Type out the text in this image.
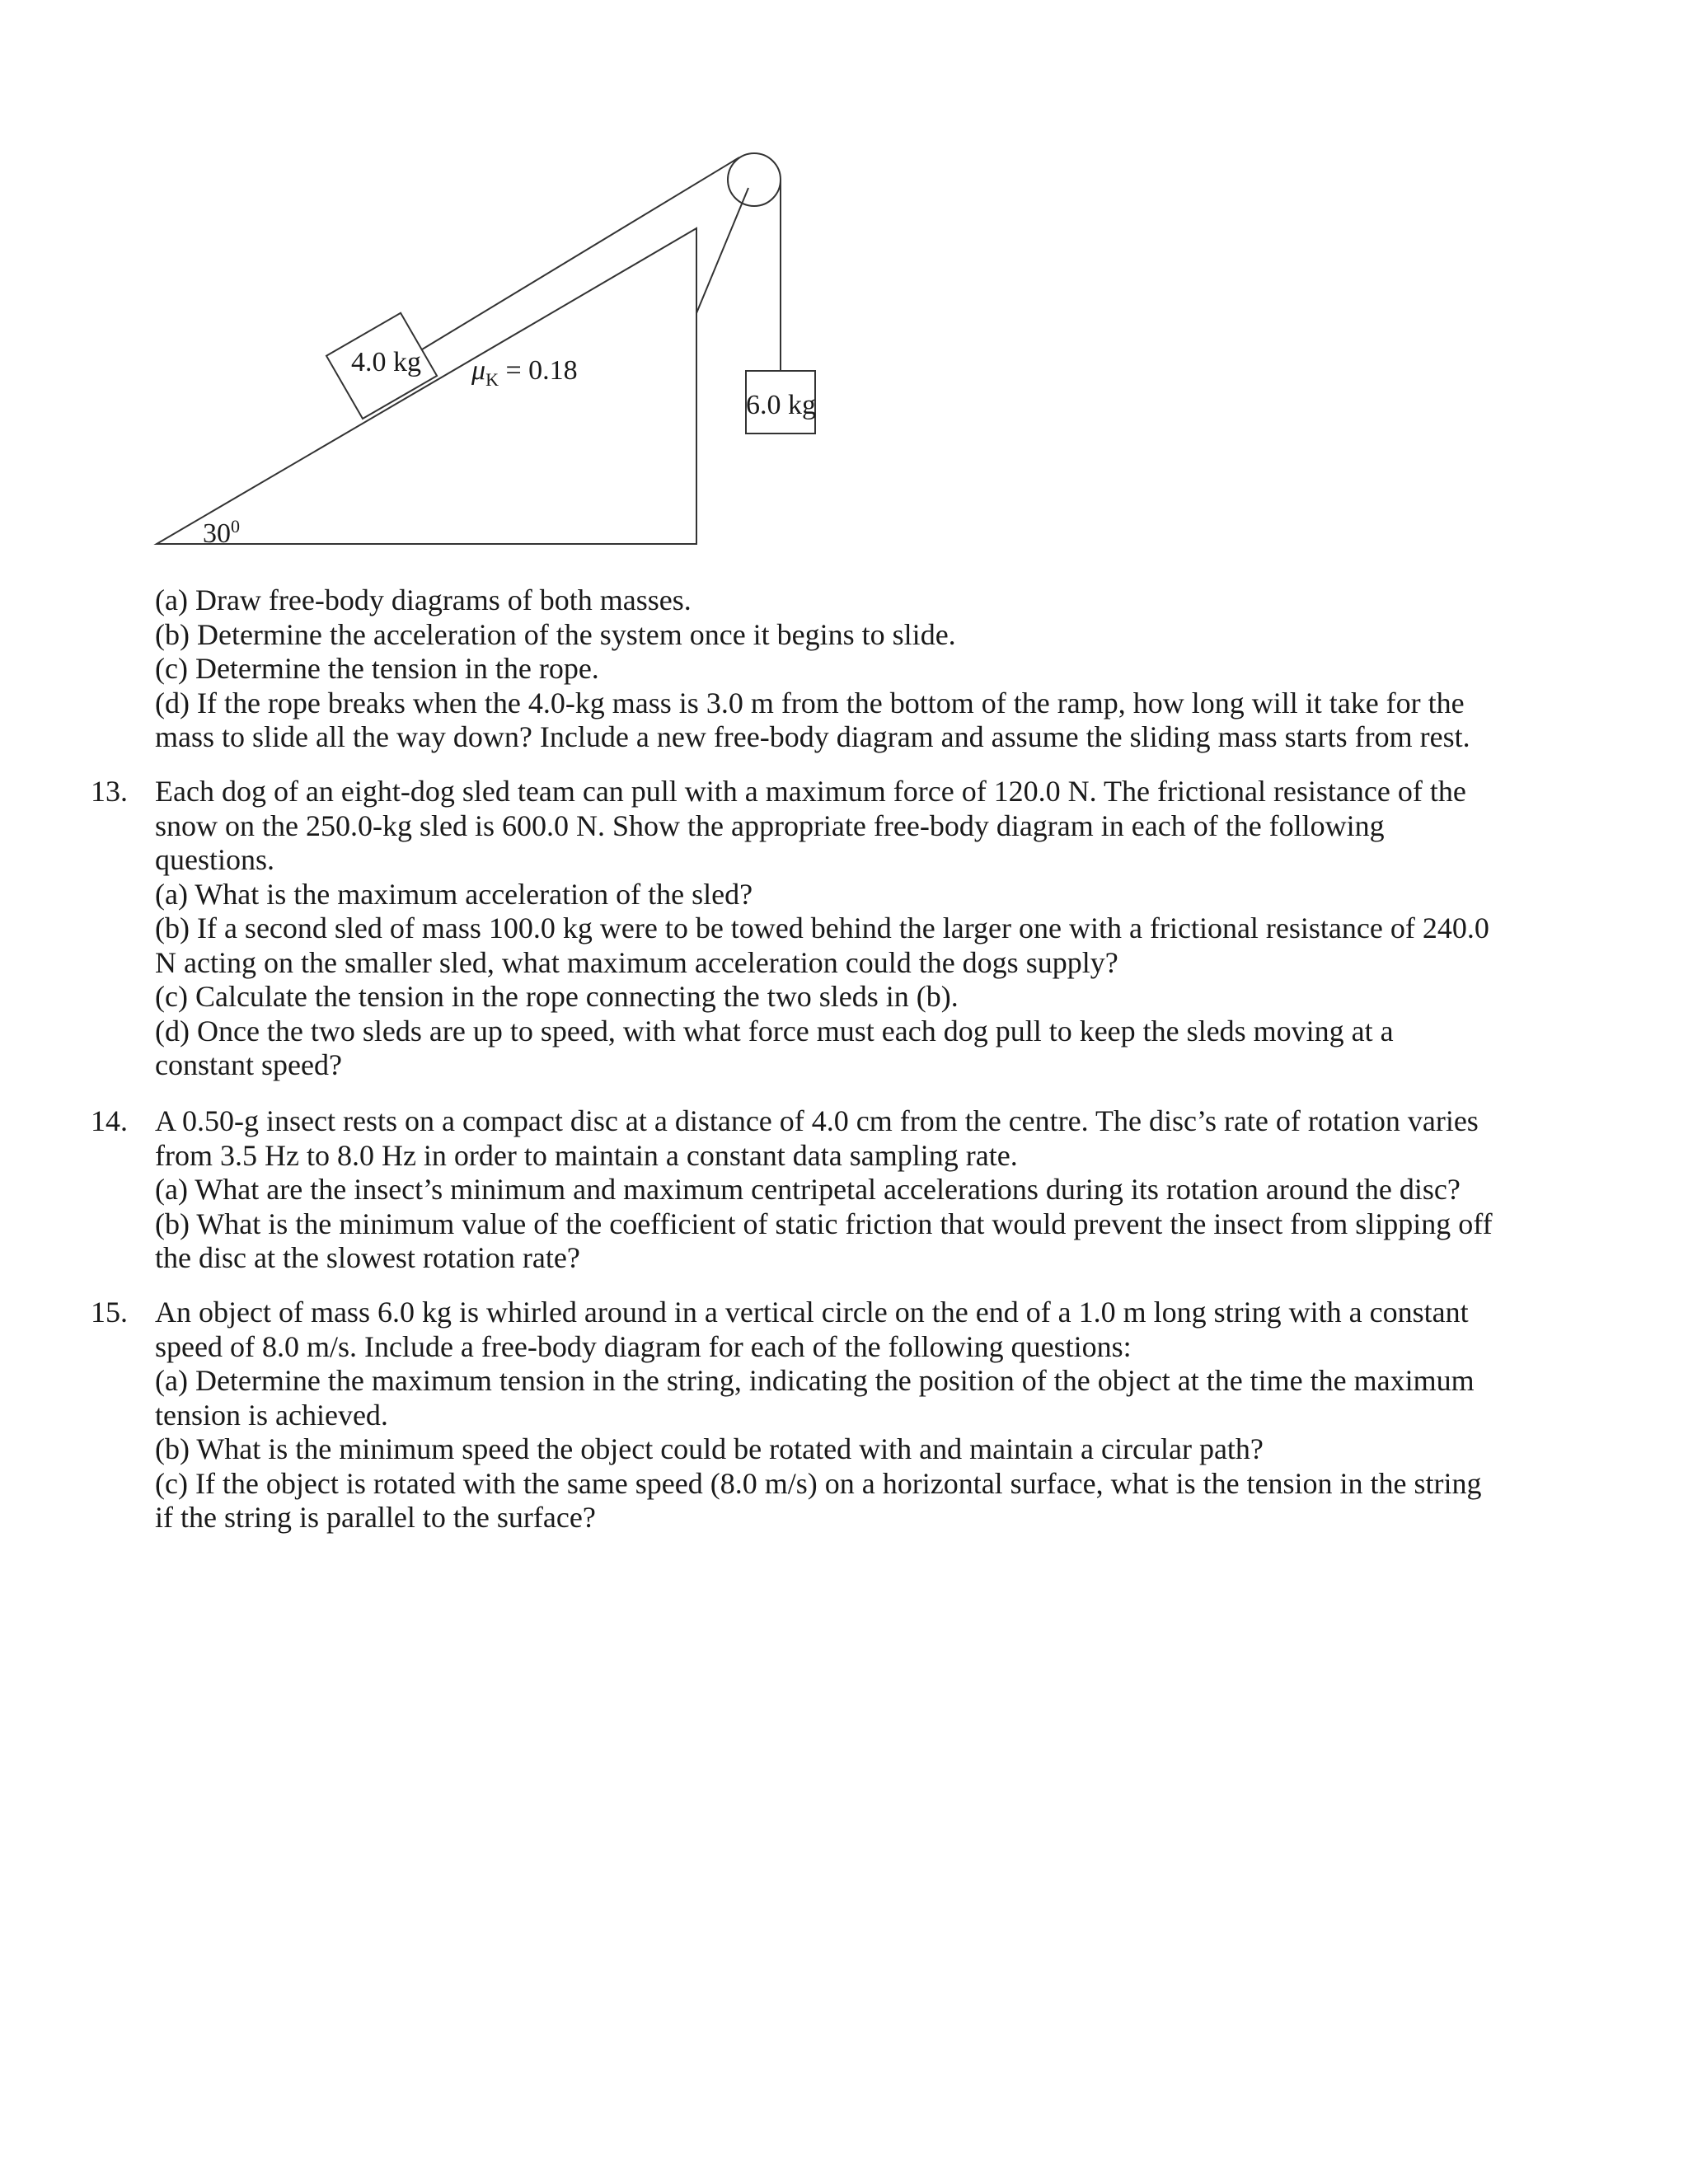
$30^0$
4.0 kg $\mu_K = 0.18$
6.0 kg
(a) Draw free-body diagrams of both masses.
(b) Determine the acceleration of the system once it begins to slide.
(c) Determine the tension in the rope.
(d) If the rope breaks when the 4.0-kg mass is 3.0 m from the bottom of the ramp, how long will it take for the
mass to slide all the way down? Include a new free-body diagram and assume the sliding mass starts from rest.
13. Each dog of an eight-dog sled team can pull with a maximum force of 120.0 N. The frictional resistance of the
snow on the 250.0-kg sled is 600.0 N. Show the appropriate free-body diagram in each of the following
questions.
(a) What is the maximum acceleration of the sled?
(b) If a second sled of mass 100.0 kg were to be towed behind the larger one with a frictional resistance of 240.0
N acting on the smaller sled, what maximum acceleration could the dogs supply?
(c) Calculate the tension in the rope connecting the two sleds in (b).
(d) Once the two sleds are up to speed, with what force must each dog pull to keep the sleds moving at a
constant speed?
14. A 0.50-g insect rests on a compact disc at a distance of 4.0 cm from the centre. The disc’s rate of rotation varies
from 3.5 Hz to 8.0 Hz in order to maintain a constant data sampling rate.
(a) What are the insect’s minimum and maximum centripetal accelerations during its rotation around the disc?
(b) What is the minimum value of the coefficient of static friction that would prevent the insect from slipping off
the disc at the slowest rotation rate?
15. An object of mass 6.0 kg is whirled around in a vertical circle on the end of a 1.0 m long string with a constant
speed of 8.0 m/s. Include a free-body diagram for each of the following questions:
(a) Determine the maximum tension in the string, indicating the position of the object at the time the maximum
tension is achieved.
(b) What is the minimum speed the object could be rotated with and maintain a circular path?
(c) If the object is rotated with the same speed (8.0 m/s) on a horizontal surface, what is the tension in the string
if the string is parallel to the surface?
